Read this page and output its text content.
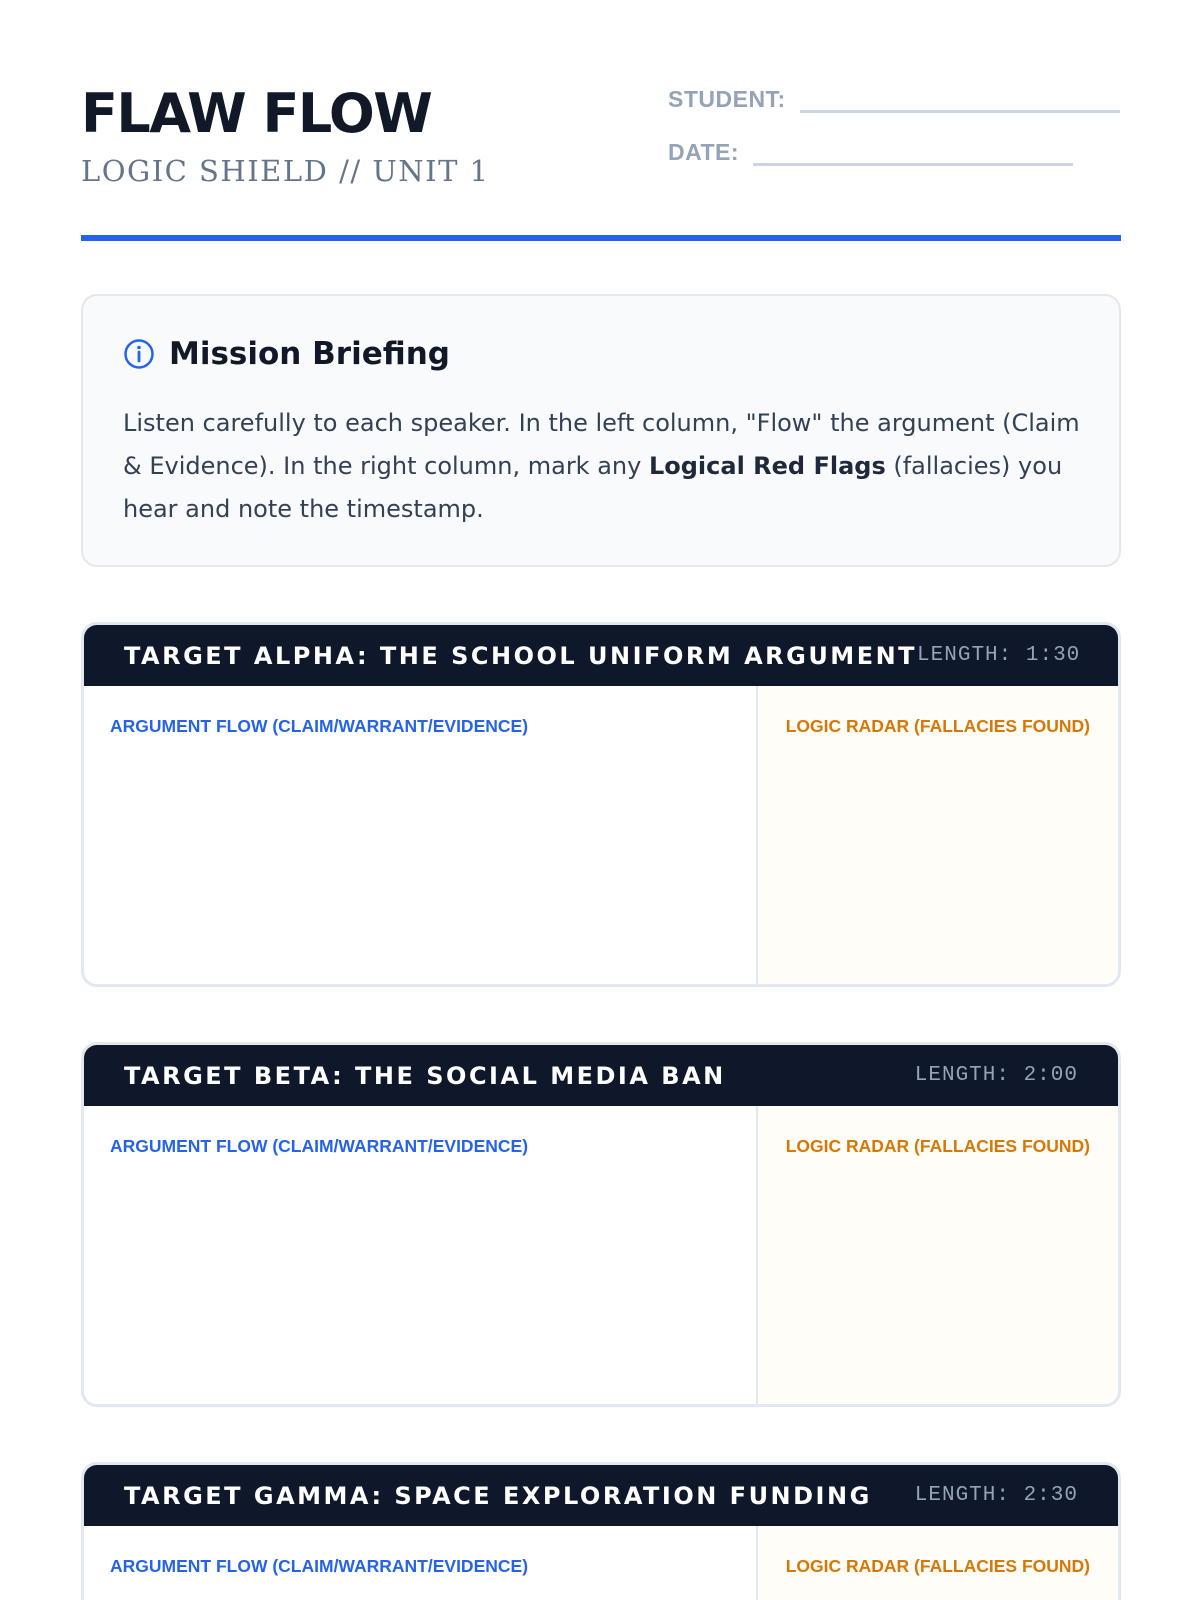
FLAW FLOW
LOGIC SHIELD // UNIT 1
STUDENT:
DATE:
Mission Briefing

Listen carefully to each speaker. In the left column, "Flow" the argument (Claim & Evidence). In the right column, mark any Logical Red Flags (fallacies) you hear and note the timestamp.

TARGET ALPHA: THE SCHOOL UNIFORM ARGUMENT LENGTH: 1:30
ARGUMENT FLOW (CLAIM/WARRANT/EVIDENCE)	LOGIC RADAR (FALLACIES FOUND)
TARGET BETA: THE SOCIAL MEDIA BAN	LENGTH: 2:00
ARGUMENT FLOW (CLAIM/WARRANT/EVIDENCE)	LOGIC RADAR (FALLACIES FOUND)
TARGET GAMMA: SPACE EXPLORATION FUNDING LENGTH: 2:30
ARGUMENT FLOW (CLAIM/WARRANT/EVIDENCE)	LOGIC RADAR (FALLACIES FOUND)
